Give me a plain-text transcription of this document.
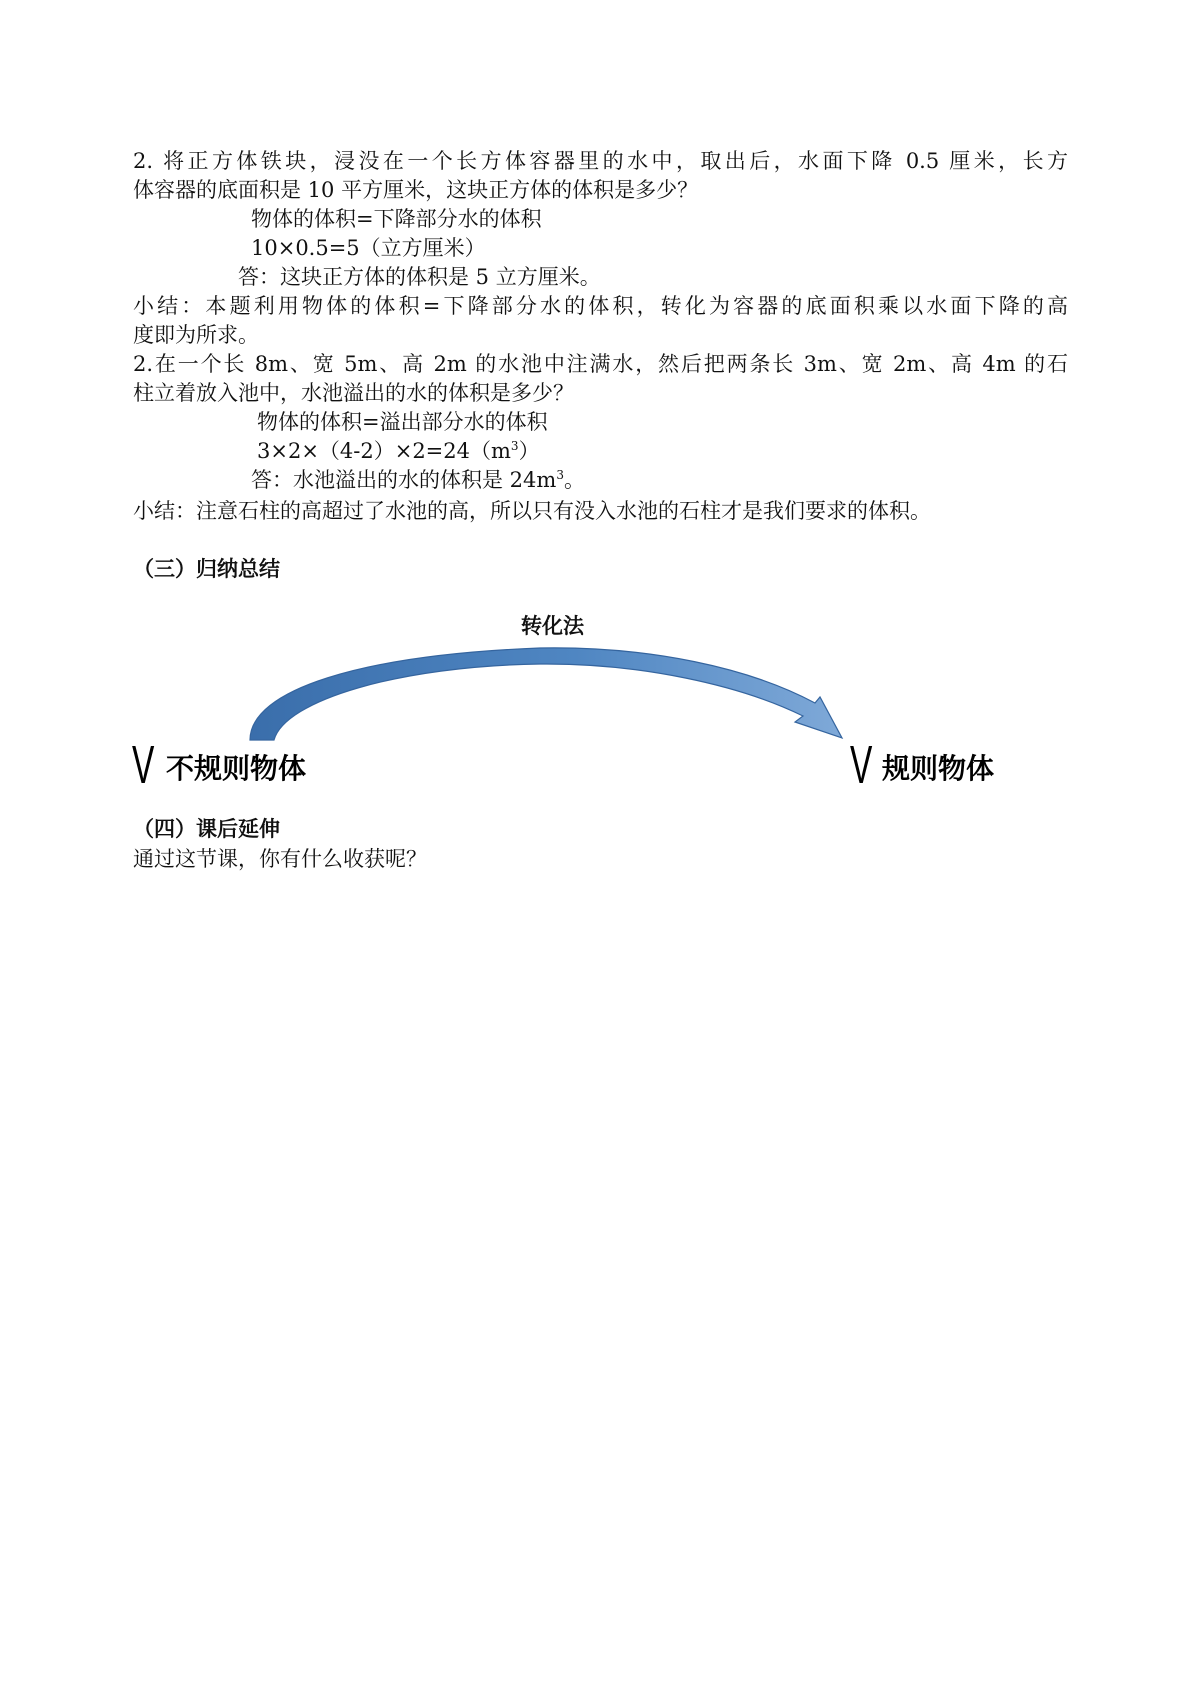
2. 将正方体铁块，浸没在一个长方体容器里的水中，取出后，水面下降 0.5 厘米，长方
体容器的底面积是 10 平方厘米，这块正方体的体积是多少？
物体的体积=下降部分水的体积
10×0.5=5（立方厘米）
答：这块正方体的体积是 5 立方厘米。
小结：本题利用物体的体积=下降部分水的体积，转化为容器的底面积乘以水面下降的高
度即为所求。
2.在一个长 8m、宽 5m、高 2m 的水池中注满水，然后把两条长 3m、宽 2m、高 4m 的石
柱立着放入池中，水池溢出的水的体积是多少？
物体的体积=溢出部分水的体积
$3\times 2\times(4-2)\times 2=24(m^3)$
答：水池溢出的水的体积是 $24m^3$。
小结：注意石柱的高超过了水池的高，所以只有没入水池的石柱才是我们要求的体积。
（三）归纳总结
转化法
V 不规则物体	V 规则物体
（四）课后延伸
通过这节课，你有什么收获呢？
